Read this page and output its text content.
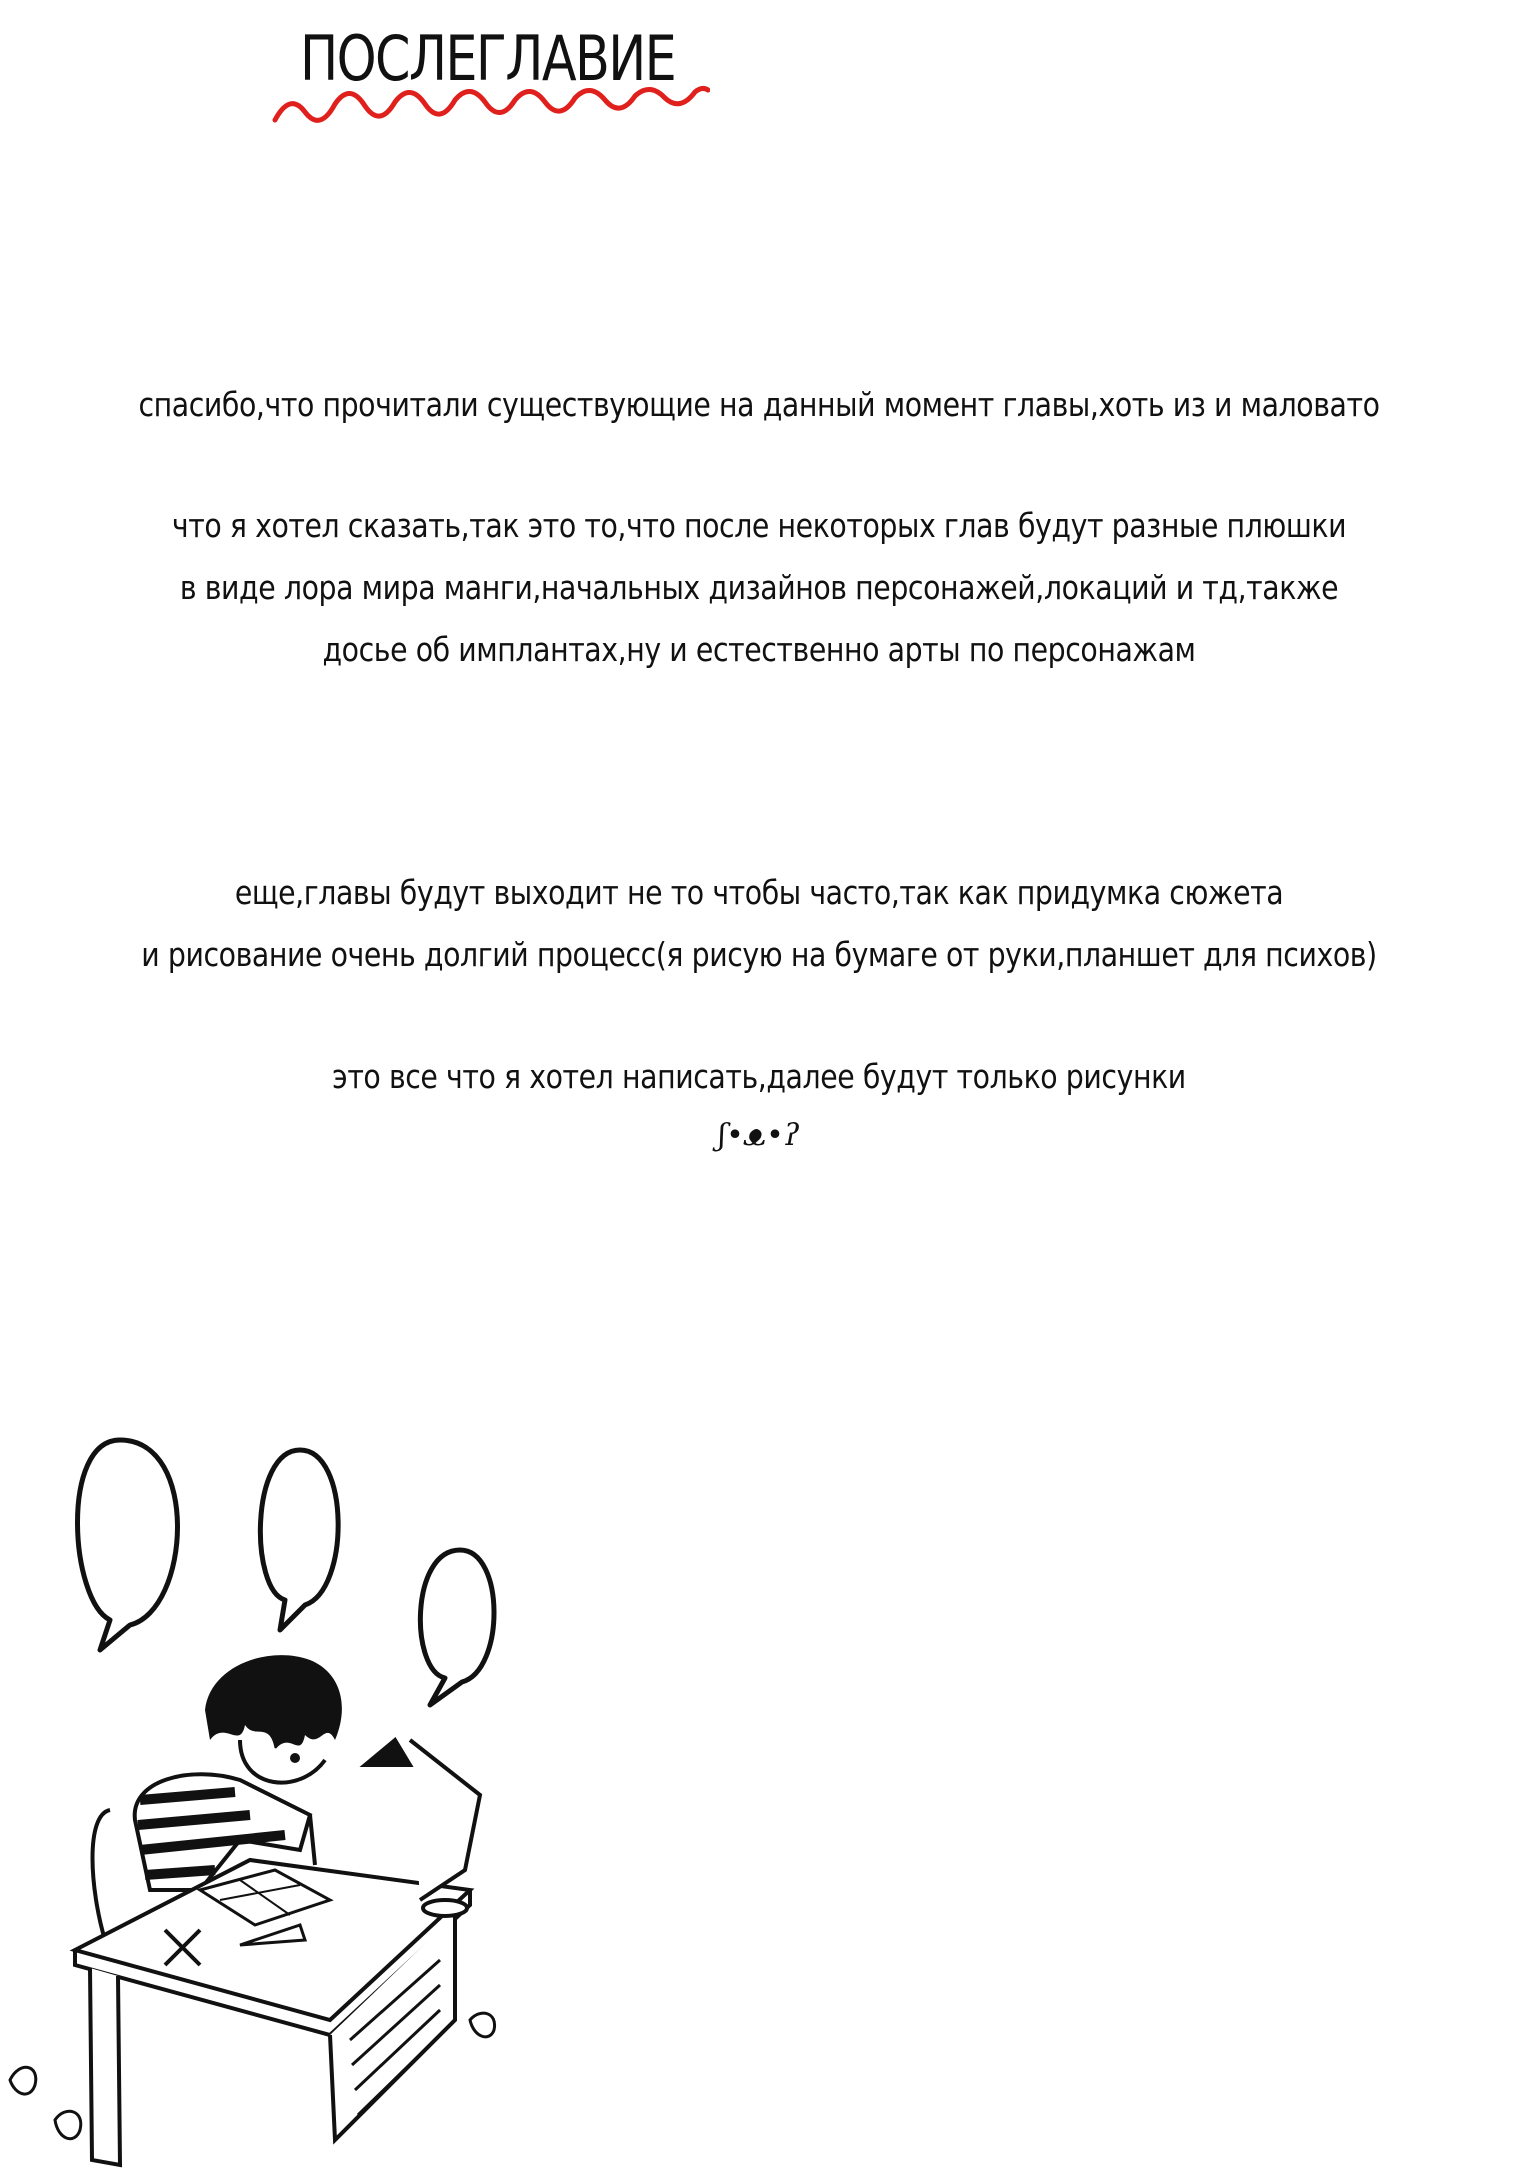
ПОСЛЕГЛАВИЕ
спасибо,что прочитали существующие на данный момент главы,хоть из и маловато
что я хотел сказать,так это то,что после некоторых глав будут разные плюшки
в виде лора мира манги,начальных дизайнов персонажей,локаций и тд,также
досье об имплантах,ну и естественно арты по персонажам
еще,главы будут выходит не то чтобы часто,так как придумка сюжета
и рисование очень долгий процесс(я рисую на бумаге от руки,планшет для психов)
это все что я хотел написать,далее будут только рисунки
ʃ•ᴥ•ʔ
